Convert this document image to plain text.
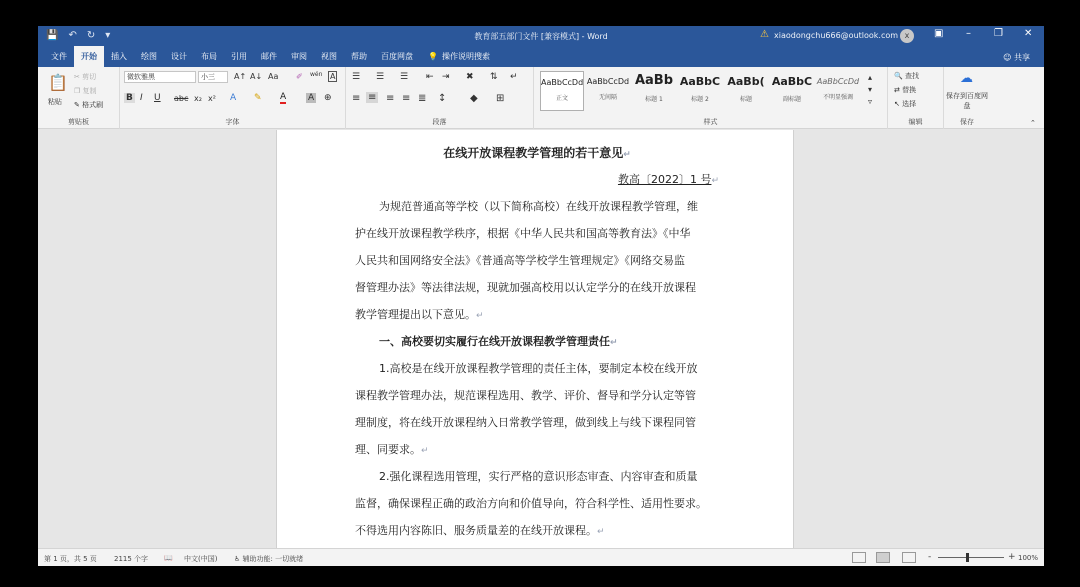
💾 ↶ ↻ ▾	教育部五部门文件 [兼容模式] - Word	⚠ xiaodongchu666@outlook.com x	▣ – ❐ ✕
文件	开始	插入	绘图	设计	布局	引用	邮件	审阅	视图	帮助	百度网盘	💡 操作说明搜索	☺ 共享
📋
粘贴
✂ 剪切
❐ 复制
✎ 格式刷
剪贴板
微软雅黑	小三	A↑ A↓ Aa ✐ wén A
B I U abc x₂ x² A ✎ A A ⊕
字体
☰ ☰ ☰ ⇤ ⇥ ✖ ⇅ ↵
≡ ≡ ≡ ≡ ≣ ↕ ◆ ⊞
段落
AaBbCcDd
正文
AaBbCcDd
无间隔
AaBb
标题 1
AaBbC
标题 2
AaBb(
标题
AaBbC
副标题
AaBbCcDd
不明显强调
▴
▾
▿
样式
🔍 查找
⇄ 替换
↖ 选择
编辑
☁
保存到百度网盘
保存	⌃
在线开放课程教学管理的若干意见↵
教高〔2022〕1 号↵
为规范普通高等学校（以下简称高校）在线开放课程教学管理，维
护在线开放课程教学秩序，根据《中华人民共和国高等教育法》《中华
人民共和国网络安全法》《普通高等学校学生管理规定》《网络交易监
督管理办法》等法律法规，现就加强高校用以认定学分的在线开放课程
教学管理提出以下意见。↵
一、高校要切实履行在线开放课程教学管理责任↵
1.高校是在线开放课程教学管理的责任主体，要制定本校在线开放
课程教学管理办法，规范课程选用、教学、评价、督导和学分认定等管
理制度，将在线开放课程纳入日常教学管理，做到线上与线下课程同管
理、同要求。↵
2.强化课程选用管理，实行严格的意识形态审查、内容审查和质量
监督，确保课程正确的政治方向和价值导向，符合科学性、适用性要求。
不得选用内容陈旧、服务质量差的在线开放课程。↵
第 1 页，共 5 页 2115 个字 📖 中文(中国) ♿ 辅助功能: 一切就绪	-	+ 100%
